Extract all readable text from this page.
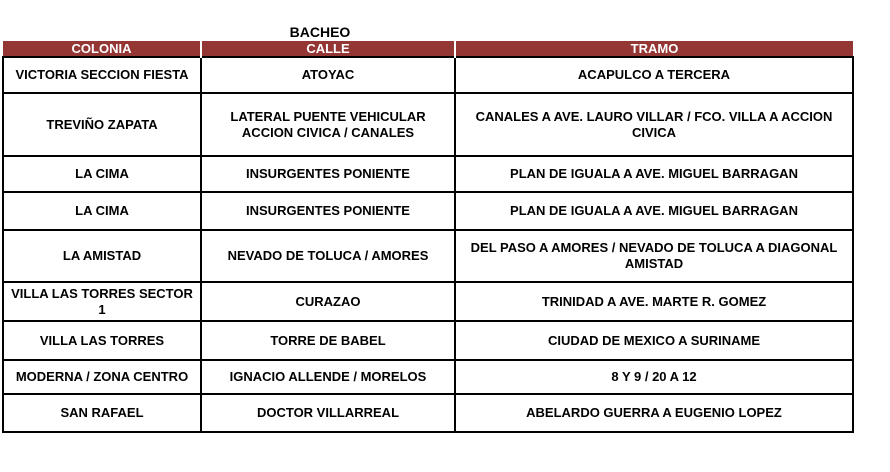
BACHEO
COLONIA	CALLE	TRAMO
VICTORIA SECCION FIESTA	ATOYAC	ACAPULCO A TERCERA
TREVIÑO ZAPATA	LATERAL PUENTE VEHICULAR ACCION CIVICA / CANALES	CANALES A AVE. LAURO VILLAR / FCO. VILLA A ACCION CIVICA
LA CIMA	INSURGENTES PONIENTE	PLAN DE IGUALA A AVE. MIGUEL BARRAGAN
LA CIMA	INSURGENTES PONIENTE	PLAN DE IGUALA A AVE. MIGUEL BARRAGAN
LA AMISTAD	NEVADO DE TOLUCA / AMORES	DEL PASO A AMORES / NEVADO DE TOLUCA A DIAGONAL AMISTAD
VILLA LAS TORRES SECTOR 1	CURAZAO	TRINIDAD A AVE. MARTE R. GOMEZ
VILLA LAS TORRES	TORRE DE BABEL	CIUDAD DE MEXICO A SURINAME
MODERNA / ZONA CENTRO	IGNACIO ALLENDE / MORELOS	8 Y 9 / 20 A 12
SAN RAFAEL	DOCTOR VILLARREAL	ABELARDO GUERRA A EUGENIO LOPEZ
